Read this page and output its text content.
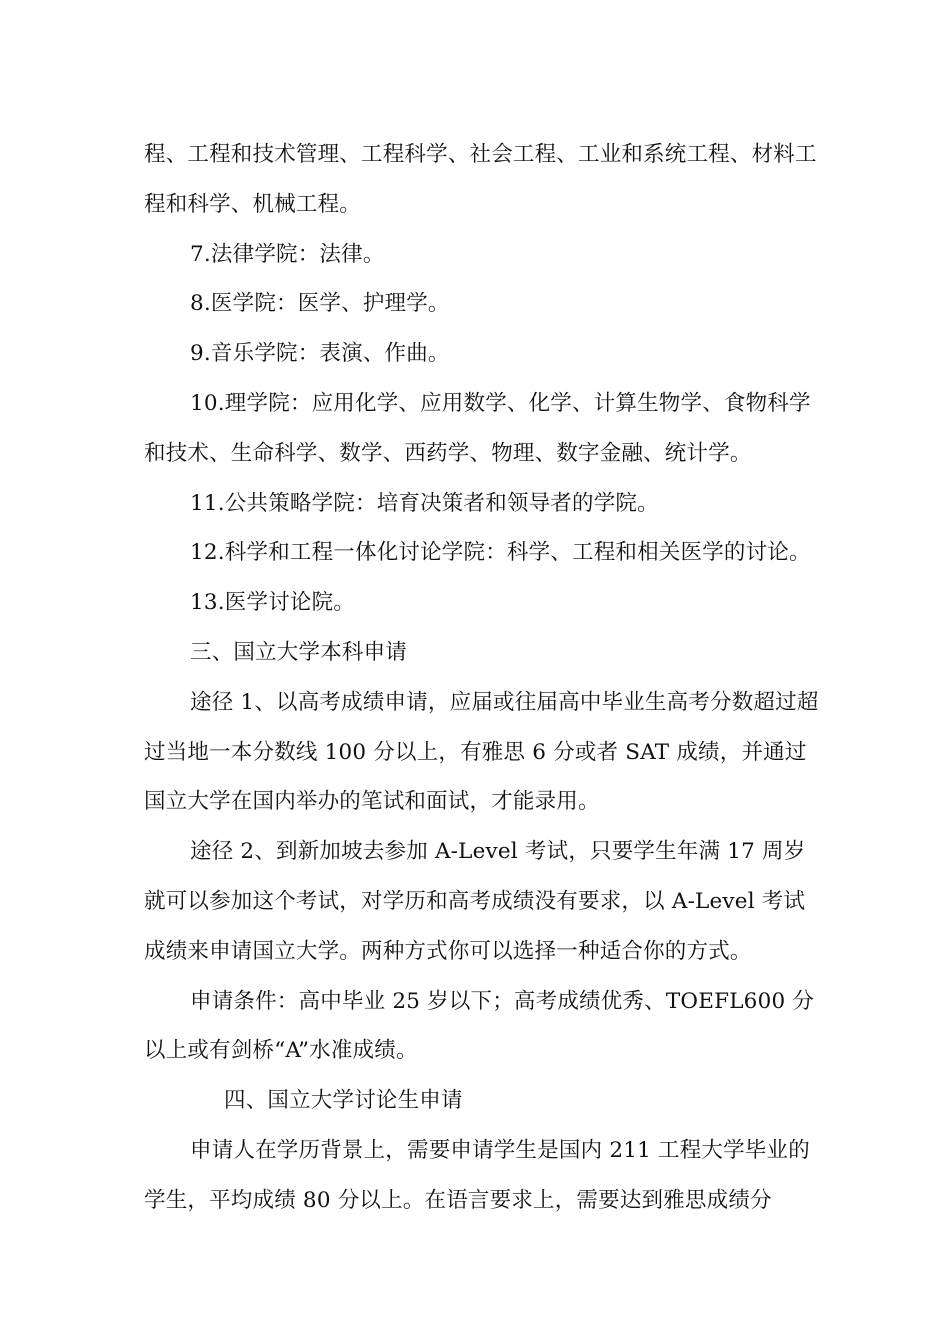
程、工程和技术管理、工程科学、社会工程、工业和系统工程、材料工程和科学、机械工程。

7.法律学院：法律。

8.医学院：医学、护理学。

9.音乐学院：表演、作曲。

10.理学院：应用化学、应用数学、化学、计算生物学、食物科学和技术、生命科学、数学、西药学、物理、数字金融、统计学。

11.公共策略学院：培育决策者和领导者的学院。

12.科学和工程一体化讨论学院：科学、工程和相关医学的讨论。

13.医学讨论院。

三、国立大学本科申请

途径 1、以高考成绩申请，应届或往届高中毕业生高考分数超过超过当地一本分数线 100 分以上，有雅思 6 分或者 SAT 成绩，并通过国立大学在国内举办的笔试和面试，才能录用。

途径 2、到新加坡去参加 A-Level 考试，只要学生年满 17 周岁就可以参加这个考试，对学历和高考成绩没有要求，以 A-Level 考试成绩来申请国立大学。两种方式你可以选择一种适合你的方式。

申请条件：高中毕业 25 岁以下；高考成绩优秀、TOEFL600 分以上或有剑桥“A”水准成绩。

四、国立大学讨论生申请

申请人在学历背景上，需要申请学生是国内 211 工程大学毕业的学生，平均成绩 80 分以上。在语言要求上，需要达到雅思成绩分
